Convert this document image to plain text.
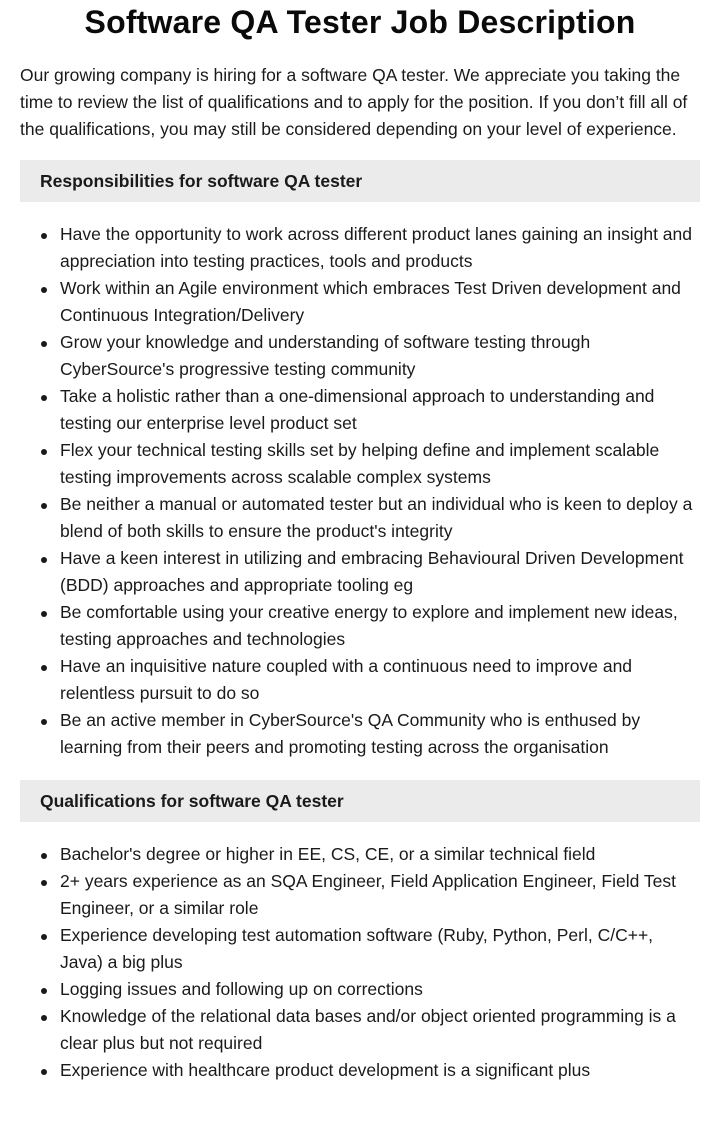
Software QA Tester Job Description

Our growing company is hiring for a software QA tester. We appreciate you taking the time to review the list of qualifications and to apply for the position. If you don’t fill all of the qualifications, you may still be considered depending on your level of experience.

Responsibilities for software QA tester
Have the opportunity to work across different product lanes gaining an insight and appreciation into testing practices, tools and products
Work within an Agile environment which embraces Test Driven development and Continuous Integration/Delivery
Grow your knowledge and understanding of software testing through CyberSource's progressive testing community
Take a holistic rather than a one-dimensional approach to understanding and testing our enterprise level product set
Flex your technical testing skills set by helping define and implement scalable testing improvements across scalable complex systems
Be neither a manual or automated tester but an individual who is keen to deploy a blend of both skills to ensure the product's integrity
Have a keen interest in utilizing and embracing Behavioural Driven Development (BDD) approaches and appropriate tooling eg
Be comfortable using your creative energy to explore and implement new ideas, testing approaches and technologies
Have an inquisitive nature coupled with a continuous need to improve and relentless pursuit to do so
Be an active member in CyberSource's QA Community who is enthused by learning from their peers and promoting testing across the organisation
Qualifications for software QA tester
Bachelor's degree or higher in EE, CS, CE, or a similar technical field
2+ years experience as an SQA Engineer, Field Application Engineer, Field Test Engineer, or a similar role
Experience developing test automation software (Ruby, Python, Perl, C/C++, Java) a big plus
Logging issues and following up on corrections
Knowledge of the relational data bases and/or object oriented programming is a clear plus but not required
Experience with healthcare product development is a significant plus
